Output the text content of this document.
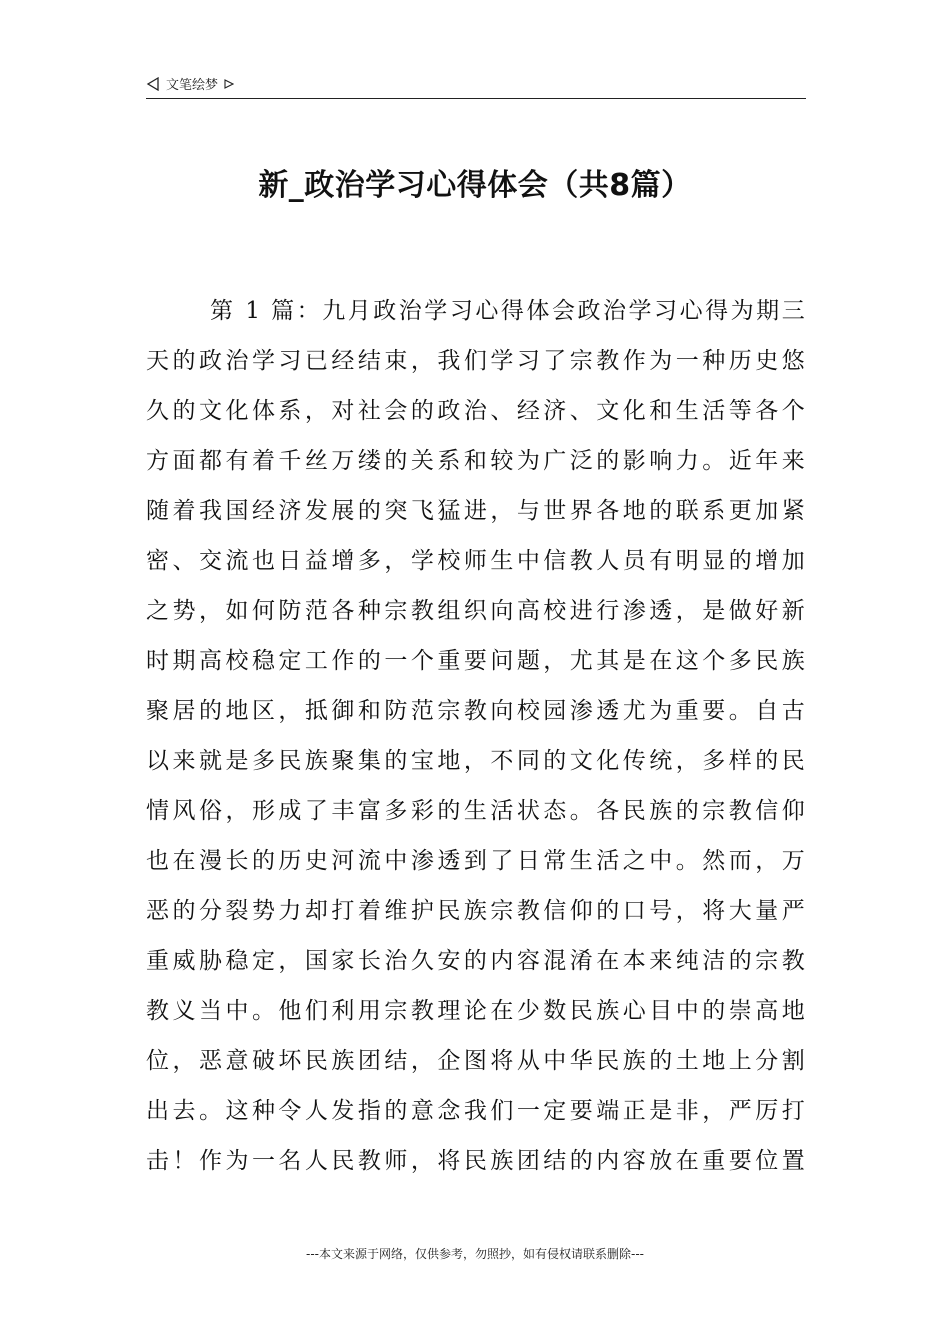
文笔绘梦
新_政治学习心得体会（共8篇）
第 1 篇：九月政治学习心得体会政治学习心得为期三
天的政治学习已经结束，我们学习了宗教作为一种历史悠
久的文化体系，对社会的政治、经济、文化和生活等各个
方面都有着千丝万缕的关系和较为广泛的影响力。近年来
随着我国经济发展的突飞猛进，与世界各地的联系更加紧
密、交流也日益增多，学校师生中信教人员有明显的增加
之势，如何防范各种宗教组织向高校进行渗透，是做好新
时期高校稳定工作的一个重要问题，尤其是在这个多民族
聚居的地区，抵御和防范宗教向校园渗透尤为重要。自古
以来就是多民族聚集的宝地，不同的文化传统，多样的民
情风俗，形成了丰富多彩的生活状态。各民族的宗教信仰
也在漫长的历史河流中渗透到了日常生活之中。然而，万
恶的分裂势力却打着维护民族宗教信仰的口号，将大量严
重威胁稳定，国家长治久安的内容混淆在本来纯洁的宗教
教义当中。他们利用宗教理论在少数民族心目中的崇高地
位，恶意破坏民族团结，企图将从中华民族的土地上分割
出去。这种令人发指的意念我们一定要端正是非，严厉打
击！作为一名人民教师，将民族团结的内容放在重要位置
---本文来源于网络，仅供参考，勿照抄，如有侵权请联系删除---
